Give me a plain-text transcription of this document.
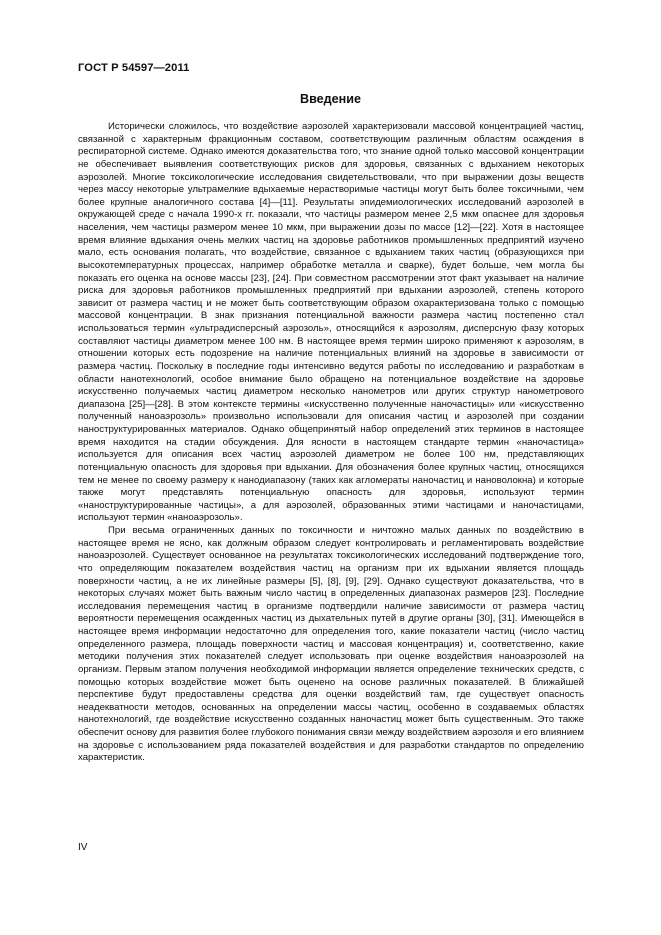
ГОСТ Р 54597—2011
Введение

Исторически сложилось, что воздействие аэрозолей характеризовали массовой концентрацией частиц, связанной с характерным фракционным составом, соответствующим различным областям осаждения в респираторной системе. Однако имеются доказательства того, что знание одной только массовой концентрации не обеспечивает выявления соответствующих рисков для здоровья, связанных с вдыханием некоторых аэрозолей. Многие токсикологические исследования свидетельствовали, что при выражении дозы веществ через массу некоторые ультрамелкие вдыхаемые нерастворимые частицы могут быть более токсичными, чем более крупные аналогичного состава [4]—[11]. Результаты эпидемиологических исследований аэрозолей в окружающей среде с начала 1990-х гг. показали, что частицы размером менее 2,5 мкм опаснее для здоровья населения, чем частицы размером менее 10 мкм, при выражении дозы по массе [12]—[22]. Хотя в настоящее время влияние вдыхания очень мелких частиц на здоровье работников промышленных предприятий изучено мало, есть основания полагать, что воздействие, связанное с вдыханием таких частиц (образующихся при высокотемпературных процессах, например обработке металла и сварке), будет больше, чем могла бы показать его оценка на основе массы [23], [24]. При совместном рассмотрении этот факт указывает на наличие риска для здоровья работников промышленных предприятий при вдыхании аэрозолей, степень которого зависит от размера частиц и не может быть соответствующим образом охарактеризована только с помощью массовой концентрации. В знак признания потенциальной важности размера частиц постепенно стал использоваться термин «ультрадисперсный аэрозоль», относящийся к аэрозолям, дисперсную фазу которых составляют частицы диаметром менее 100 нм. В настоящее время термин широко применяют к аэрозолям, в отношении которых есть подозрение на наличие потенциальных влияний на здоровье в зависимости от размера частиц. Поскольку в последние годы интенсивно ведутся работы по исследованию и разработкам в области нанотехнологий, особое внимание было обращено на потенциальное воздействие на здоровье искусственно получаемых частиц диаметром несколько нанометров или других структур нанометрового диапазона [25]—[28]. В этом контексте термины «искусственно полученные наночастицы» или «искусственно полученный наноаэрозоль» произвольно использовали для описания частиц и аэрозолей при создании наноструктурированных материалов. Однако общепринятый набор определений этих терминов в настоящее время находится на стадии обсуждения. Для ясности в настоящем стандарте термин «наночастица» используется для описания всех частиц аэрозолей диаметром не более 100 нм, представляющих потенциальную опасность для здоровья при вдыхании. Для обозначения более крупных частиц, относящихся тем не менее по своему размеру к нанодиапазону (таких как агломераты наночастиц и нановолокна) и которые также могут представлять потенциальную опасность для здоровья, используют термин «наноструктурированные частицы», а для аэрозолей, образованных этими частицами и наночастицами, используют термин «наноаэрозоль».

При весьма ограниченных данных по токсичности и ничтожно малых данных по воздействию в настоящее время не ясно, как должным образом следует контролировать и регламентировать воздействие наноаэрозолей. Существует основанное на результатах токсикологических исследований подтверждение того, что определяющим показателем воздействия частиц на организм при их вдыхании является площадь поверхности частиц, а не их линейные размеры [5], [8], [9], [29]. Однако существуют доказательства, что в некоторых случаях может быть важным число частиц в определенных диапазонах размеров [23]. Последние исследования перемещения частиц в организме подтвердили наличие зависимости от размера частиц вероятности перемещения осажденных частиц из дыхательных путей в другие органы [30], [31]. Имеющейся в настоящее время информации недостаточно для определения того, какие показатели частиц (число частиц определенного размера, площадь поверхности частиц и массовая концентрация) и, соответственно, какие методики получения этих показателей следует использовать при оценке воздействия наноаэрозолей на организм. Первым этапом получения необходимой информации является определение технических средств, с помощью которых воздействие может быть оценено на основе различных показателей. В ближайшей перспективе будут предоставлены средства для оценки воздействий там, где существует опасность неадекватности методов, основанных на определении массы частиц, особенно в создаваемых областях нанотехнологий, где воздействие искусственно созданных наночастиц может быть существенным. Это также обеспечит основу для развития более глубокого понимания связи между воздействием аэрозоля и его влиянием на здоровье с использованием ряда показателей воздействия и для разработки стандартов по определению характеристик.

IV
